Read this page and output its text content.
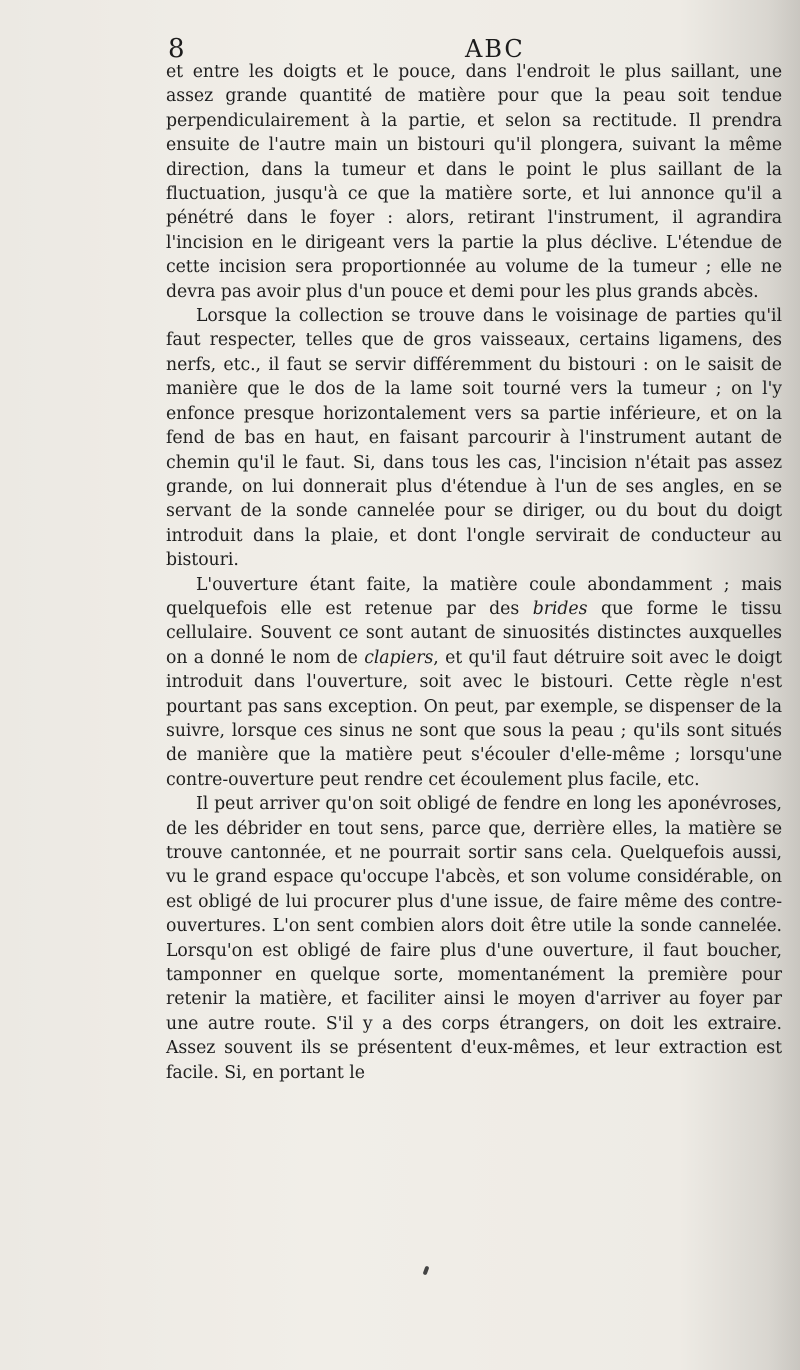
8	ABC

et entre les doigts et le pouce, dans l'endroit le plus saillant, une assez grande quantité de matière pour que la peau soit tendue perpendiculairement à la partie, et selon sa rectitude. Il prendra ensuite de l'autre main un bistouri qu'il plongera, suivant la même direction, dans la tumeur et dans le point le plus saillant de la fluctuation, jusqu'à ce que la matière sorte, et lui annonce qu'il a pénétré dans le foyer : alors, retirant l'instrument, il agrandira l'incision en le dirigeant vers la partie la plus déclive. L'étendue de cette incision sera proportionnée au volume de la tumeur ; elle ne devra pas avoir plus d'un pouce et demi pour les plus grands abcès.

Lorsque la collection se trouve dans le voisinage de parties qu'il faut respecter, telles que de gros vaisseaux, certains ligamens, des nerfs, etc., il faut se servir différemment du bistouri : on le saisit de manière que le dos de la lame soit tourné vers la tumeur ; on l'y enfonce presque horizontalement vers sa partie inférieure, et on la fend de bas en haut, en faisant parcourir à l'instrument autant de chemin qu'il le faut. Si, dans tous les cas, l'incision n'était pas assez grande, on lui donnerait plus d'étendue à l'un de ses angles, en se servant de la sonde cannelée pour se diriger, ou du bout du doigt introduit dans la plaie, et dont l'ongle servirait de conducteur au bistouri.

L'ouverture étant faite, la matière coule abondamment ; mais quelquefois elle est retenue par des brides que forme le tissu cellulaire. Souvent ce sont autant de sinuosités distinctes auxquelles on a donné le nom de clapiers, et qu'il faut détruire soit avec le doigt introduit dans l'ouverture, soit avec le bistouri. Cette règle n'est pourtant pas sans exception. On peut, par exemple, se dispenser de la suivre, lorsque ces sinus ne sont que sous la peau ; qu'ils sont situés de manière que la matière peut s'écouler d'elle-même ; lorsqu'une contre-ouverture peut rendre cet écoulement plus facile, etc.

Il peut arriver qu'on soit obligé de fendre en long les aponévroses, de les débrider en tout sens, parce que, derrière elles, la matière se trouve cantonnée, et ne pourrait sortir sans cela. Quelquefois aussi, vu le grand espace qu'occupe l'abcès, et son volume considérable, on est obligé de lui procurer plus d'une issue, de faire même des contre-ouvertures. L'on sent combien alors doit être utile la sonde cannelée. Lorsqu'on est obligé de faire plus d'une ouverture, il faut boucher, tamponner en quelque sorte, momentanément la première pour retenir la matière, et faciliter ainsi le moyen d'arriver au foyer par une autre route. S'il y a des corps étrangers, on doit les extraire. Assez souvent ils se présentent d'eux-mêmes, et leur extraction est facile. Si, en portant le
